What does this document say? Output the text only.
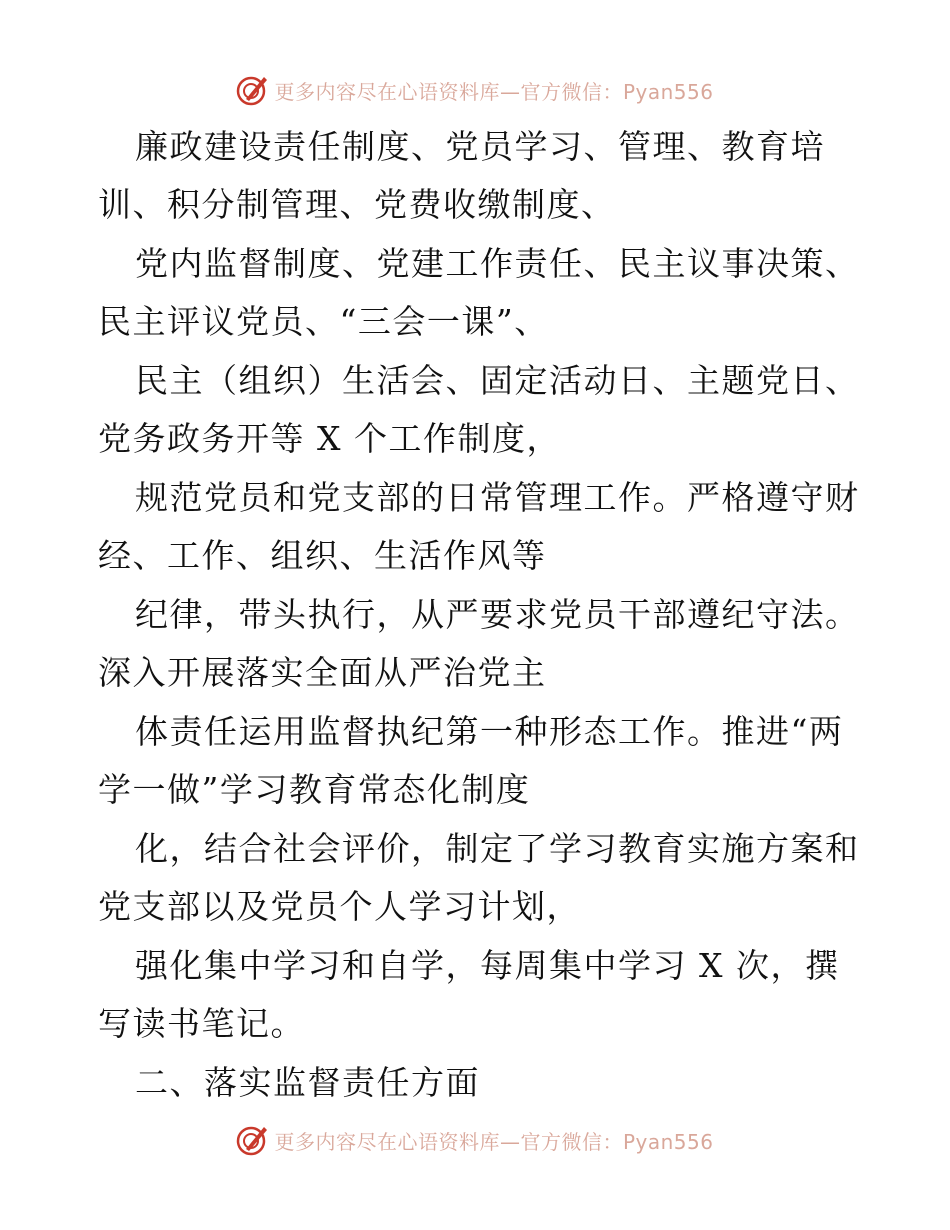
更多内容尽在心语资料库—官方微信：Pyan556
廉政建设责任制度、党员学习、管理、教育培
训、积分制管理、党费收缴制度、
党内监督制度、党建工作责任、民主议事决策、
民主评议党员、“三会一课”、
民主（组织）生活会、固定活动日、主题党日、
党务政务开等 X 个工作制度，
规范党员和党支部的日常管理工作。严格遵守财
经、工作、组织、生活作风等
纪律，带头执行，从严要求党员干部遵纪守法。
深入开展落实全面从严治党主
体责任运用监督执纪第一种形态工作。推进“两
学一做”学习教育常态化制度
化，结合社会评价，制定了学习教育实施方案和
党支部以及党员个人学习计划，
强化集中学习和自学，每周集中学习 X 次，撰
写读书笔记。
二、落实监督责任方面
更多内容尽在心语资料库—官方微信：Pyan556
